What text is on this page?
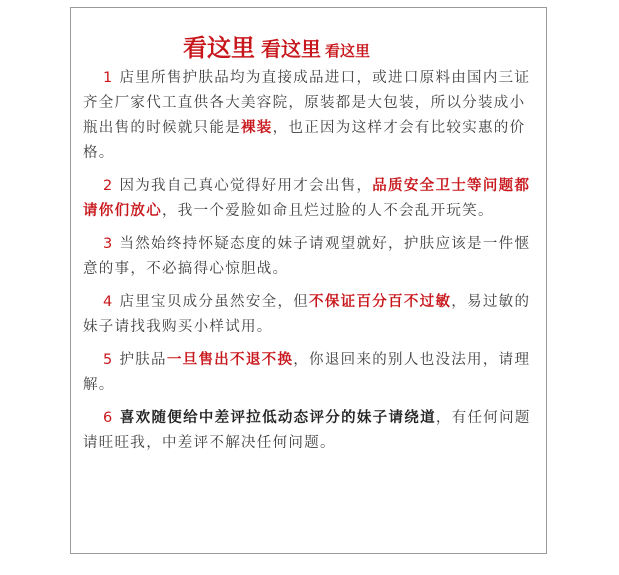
看这里 看这里 看这里
1 店里所售护肤品均为直接成品进口，或进口原料由国内三证齐全厂家代工直供各大美容院，原装都是大包装，所以分装成小瓶出售的时候就只能是裸装，也正因为这样才会有比较实惠的价格。
2 因为我自己真心觉得好用才会出售，品质安全卫士等问题都请你们放心，我一个爱脸如命且烂过脸的人不会乱开玩笑。
3 当然始终持怀疑态度的妹子请观望就好，护肤应该是一件惬意的事，不必搞得心惊胆战。
4 店里宝贝成分虽然安全，但不保证百分百不过敏，易过敏的妹子请找我购买小样试用。
5 护肤品一旦售出不退不换，你退回来的别人也没法用，请理解。
6 喜欢随便给中差评拉低动态评分的妹子请绕道，有任何问题请旺旺我，中差评不解决任何问题。
